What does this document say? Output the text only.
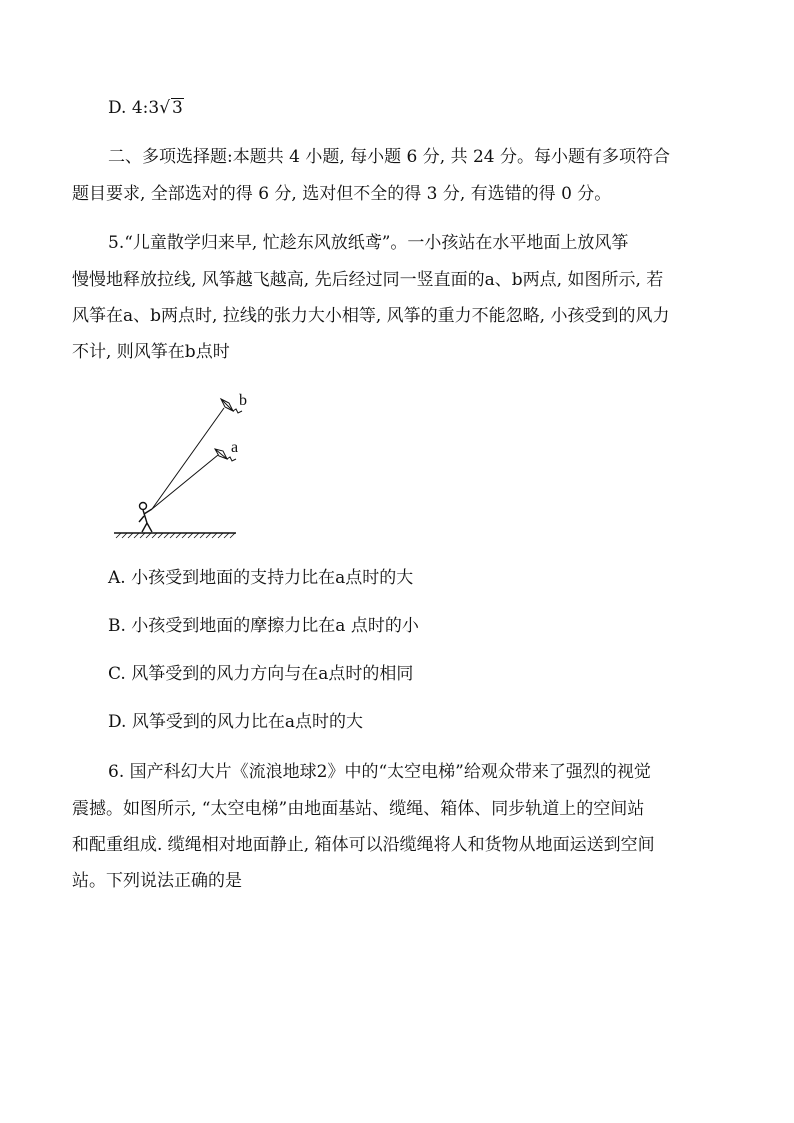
D. 4:3√ 3
二、多项选择题:本题共 4 小题, 每小题 6 分, 共 24 分。每小题有多项符合
题目要求, 全部选对的得 6 分, 选对但不全的得 3 分, 有选错的得 0 分。
5.“儿童散学归来早, 忙趁东风放纸鸢”。一小孩站在水平地面上放风筝
慢慢地释放拉线, 风筝越飞越高, 先后经过同一竖直面的a、b两点, 如图所示, 若
风筝在a、b两点时, 拉线的张力大小相等, 风筝的重力不能忽略, 小孩受到的风力
不计, 则风筝在b点时
b
a
A. 小孩受到地面的支持力比在a点时的大
B. 小孩受到地面的摩擦力比在a 点时的小
C. 风筝受到的风力方向与在a点时的相同
D. 风筝受到的风力比在a点时的大
6. 国产科幻大片《流浪地球2》中的“太空电梯”给观众带来了强烈的视觉
震撼。如图所示, “太空电梯”由地面基站、缆绳、箱体、同步轨道上的空间站
和配重组成. 缆绳相对地面静止, 箱体可以沿缆绳将人和货物从地面运送到空间
站。下列说法正确的是
